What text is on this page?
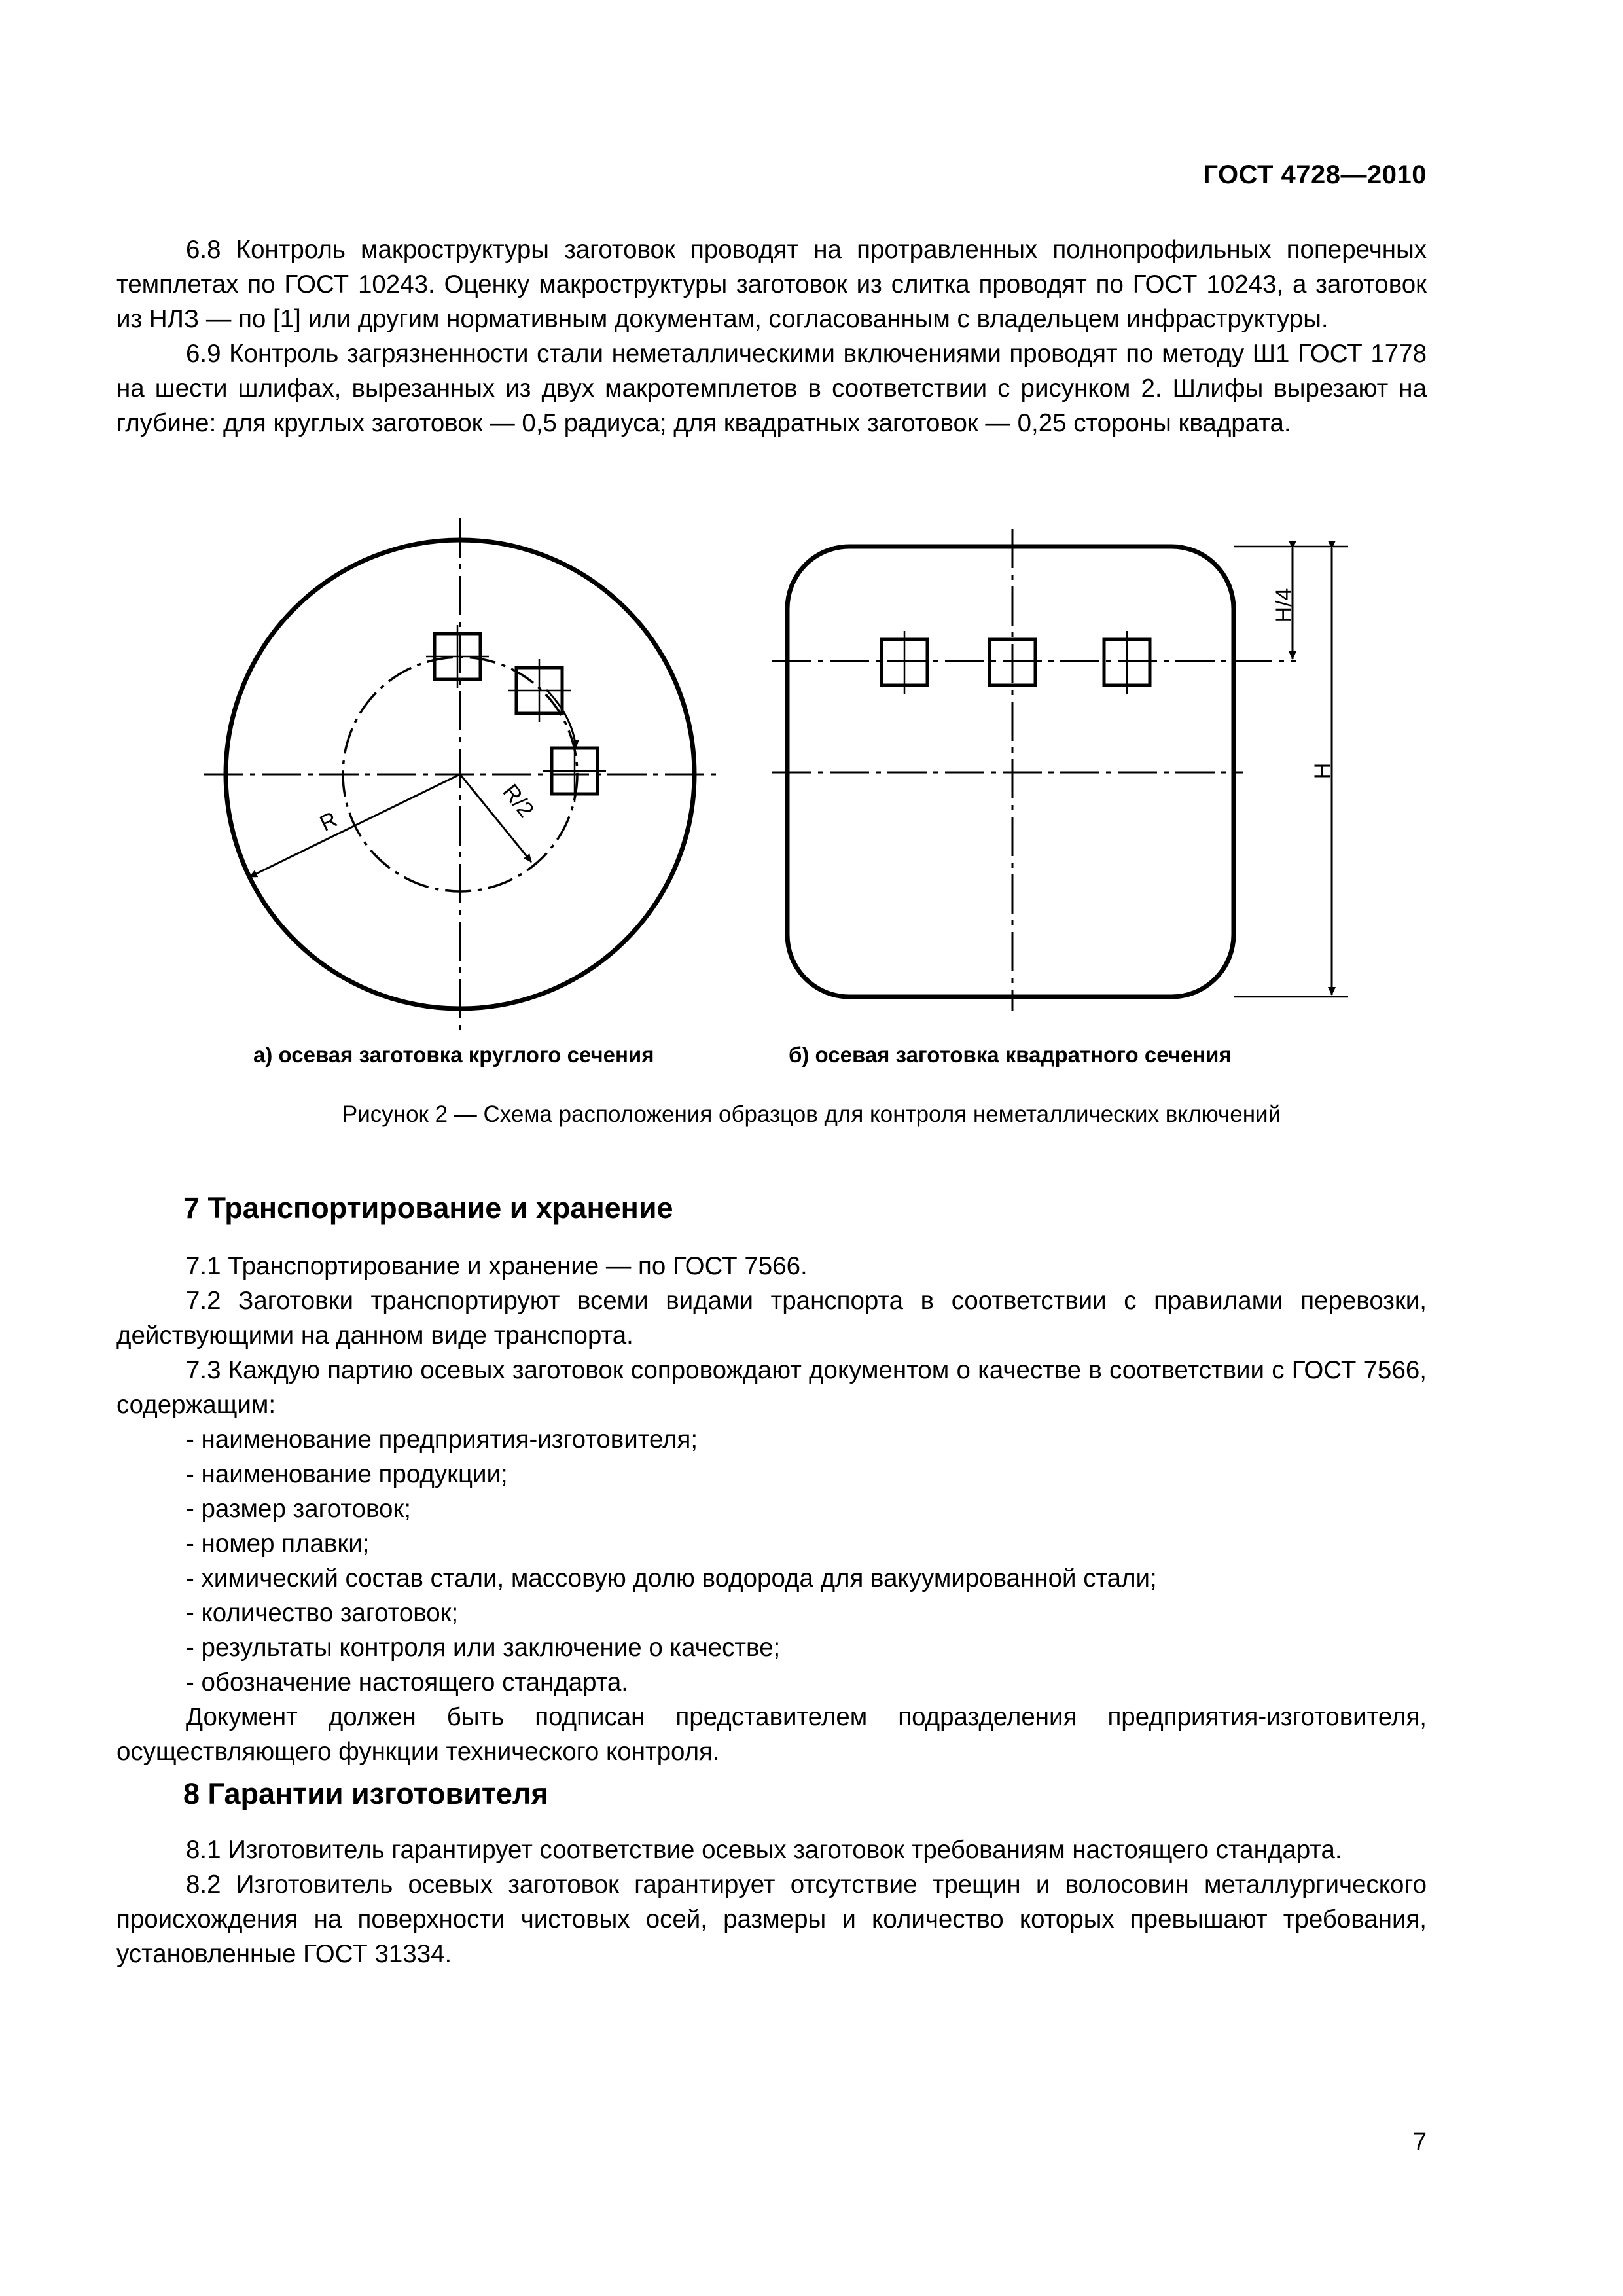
ГОСТ 4728—2010

6.8 Контроль макроструктуры заготовок проводят на протравленных полнопрофильных поперечных темплетах по ГОСТ 10243. Оценку макроструктуры заготовок из слитка проводят по ГОСТ 10243, а заготовок из НЛЗ — по [1] или другим нормативным документам, согласованным с владельцем инфраструктуры.

6.9 Контроль загрязненности стали неметаллическими включениями проводят по методу Ш1 ГОСТ 1778 на шести шлифах, вырезанных из двух макротемплетов в соответствии с рисунком 2. Шлифы вырезают на глубине: для круглых заготовок — 0,5 радиуса; для квадратных заготовок — 0,25 стороны квадрата.

R	R/2
H/4
H
а) осевая заготовка круглого сечения	б) осевая заготовка квадратного сечения
Рисунок 2 — Схема расположения образцов для контроля неметаллических включений
7 Транспортирование и хранение

7.1 Транспортирование и хранение — по ГОСТ 7566.

7.2 Заготовки транспортируют всеми видами транспорта в соответствии с правилами перевозки, действующими на данном виде транспорта.

7.3 Каждую партию осевых заготовок сопровождают документом о качестве в соответствии с ГОСТ 7566, содержащим:

- наименование предприятия-изготовителя;

- наименование продукции;

- размер заготовок;

- номер плавки;

- химический состав стали, массовую долю водорода для вакуумированной стали;

- количество заготовок;

- результаты контроля или заключение о качестве;

- обозначение настоящего стандарта.

Документ должен быть подписан представителем подразделения предприятия-изготовителя, осуществляющего функции технического контроля.

8 Гарантии изготовителя

8.1 Изготовитель гарантирует соответствие осевых заготовок требованиям настоящего стандарта.

8.2 Изготовитель осевых заготовок гарантирует отсутствие трещин и волосовин металлургического происхождения на поверхности чистовых осей, размеры и количество которых превышают требования, установленные ГОСТ 31334.

7
